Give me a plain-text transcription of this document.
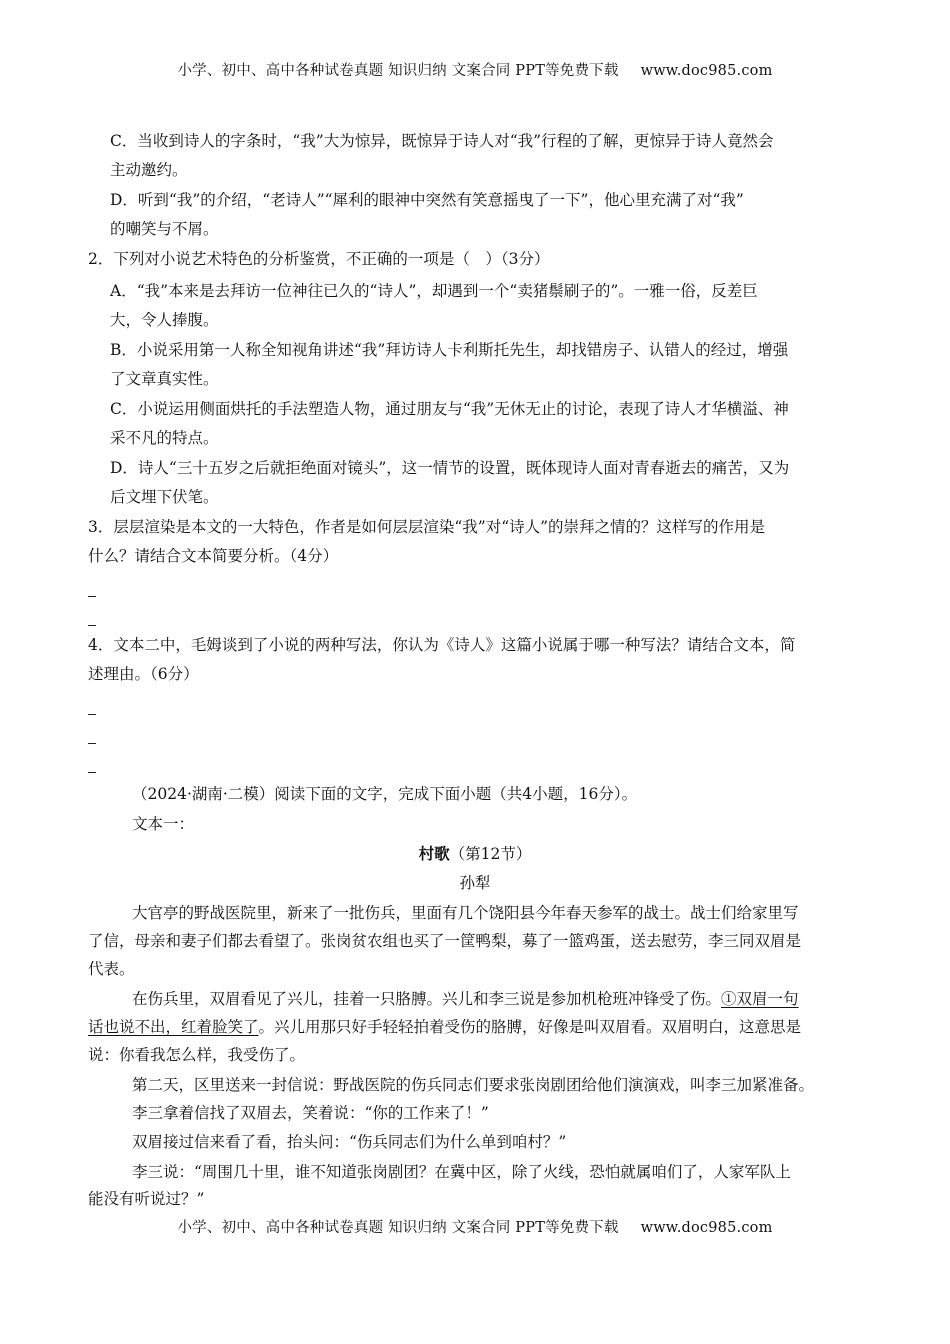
小学、初中、高中各种试卷真题 知识归纳 文案合同 PPT等免费下载 www.doc985.com
C．当收到诗人的字条时，“我”大为惊异，既惊异于诗人对“我”行程的了解，更惊异于诗人竟然会
主动邀约。
D．听到“我”的介绍，“老诗人”“犀利的眼神中突然有笑意摇曳了一下”，他心里充满了对“我”
的嘲笑与不屑。
2．下列对小说艺术特色的分析鉴赏，不正确的一项是（　）（3分）
A．“我”本来是去拜访一位神往已久的“诗人”，却遇到一个“卖猪鬃刷子的”。一雅一俗，反差巨
大，令人捧腹。
B．小说采用第一人称全知视角讲述“我”拜访诗人卡利斯托先生，却找错房子、认错人的经过，增强
了文章真实性。
C．小说运用侧面烘托的手法塑造人物，通过朋友与“我”无休无止的讨论，表现了诗人才华横溢、神
采不凡的特点。
D．诗人“三十五岁之后就拒绝面对镜头”，这一情节的设置，既体现诗人面对青春逝去的痛苦，又为
后文埋下伏笔。
3．层层渲染是本文的一大特色，作者是如何层层渲染“我”对“诗人”的崇拜之情的？这样写的作用是
什么？请结合文本简要分析。（4分）
4．文本二中，毛姆谈到了小说的两种写法，你认为《诗人》这篇小说属于哪一种写法？请结合文本，简
述理由。（6分）
（2024·湖南·二模）阅读下面的文字，完成下面小题（共4小题，16分）。
文本一：
村歌（第12节）
孙犁
大官亭的野战医院里，新来了一批伤兵，里面有几个饶阳县今年春天参军的战士。战士们给家里写
了信，母亲和妻子们都去看望了。张岗贫农组也买了一筐鸭梨，募了一篮鸡蛋，送去慰劳，李三同双眉是
代表。
在伤兵里，双眉看见了兴儿，挂着一只胳膊。兴儿和李三说是参加机枪班冲锋受了伤。①双眉一句
话也说不出，红着脸笑了。兴儿用那只好手轻轻拍着受伤的胳膊，好像是叫双眉看。双眉明白，这意思是
说：你看我怎么样，我受伤了。
第二天，区里送来一封信说：野战医院的伤兵同志们要求张岗剧团给他们演演戏，叫李三加紧准备。
李三拿着信找了双眉去，笑着说：“你的工作来了！”
双眉接过信来看了看，抬头问：“伤兵同志们为什么单到咱村？”
李三说：“周围几十里，谁不知道张岗剧团？在冀中区，除了火线，恐怕就属咱们了，人家军队上
能没有听说过？”
小学、初中、高中各种试卷真题 知识归纳 文案合同 PPT等免费下载 www.doc985.com
